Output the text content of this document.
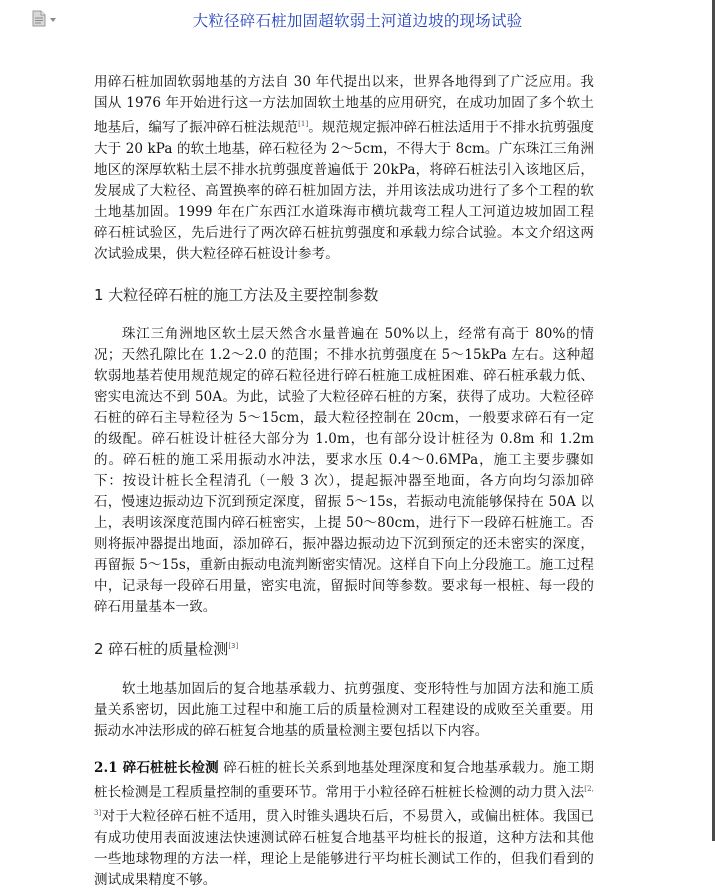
大粒径碎石桩加固超软弱土河道边坡的现场试验

用碎石桩加固软弱地基的方法自 30 年代提出以来，世界各地得到了广泛应用。我国从 1976 年开始进行这一方法加固软土地基的应用研究，在成功加固了多个软土地基后，编写了振冲碎石桩法规范[1]。规范规定振冲碎石桩法适用于不排水抗剪强度大于 20 kPa 的软土地基，碎石粒径为 2～5cm，不得大于 8cm。广东珠江三角洲地区的深厚软粘土层不排水抗剪强度普遍低于 20kPa，将碎石桩法引入该地区后，发展成了大粒径、高置换率的碎石桩加固方法，并用该法成功进行了多个工程的软土地基加固。1999 年在广东西江水道珠海市横坑裁弯工程人工河道边坡加固工程碎石桩试验区，先后进行了两次碎石桩抗剪强度和承载力综合试验。本文介绍这两次试验成果，供大粒径碎石桩设计参考。

1 大粒径碎石桩的施工方法及主要控制参数

珠江三角洲地区软土层天然含水量普遍在 50%以上，经常有高于 80%的情况；天然孔隙比在 1.2～2.0 的范围；不排水抗剪强度在 5～15kPa 左右。这种超软弱地基若使用规范规定的碎石粒径进行碎石桩施工成桩困难、碎石桩承载力低、密实电流达不到 50A。为此，试验了大粒径碎石桩的方案，获得了成功。大粒径碎石桩的碎石主导粒径为 5～15cm，最大粒径控制在 20cm，一般要求碎石有一定的级配。碎石桩设计桩径大部分为 1.0m，也有部分设计桩径为 0.8m 和 1.2m 的。碎石桩的施工采用振动水冲法，要求水压 0.4～0.6MPa，施工主要步骤如下：按设计桩长全程清孔（一般 3 次），提起振冲器至地面，各方向均匀添加碎石，慢速边振动边下沉到预定深度，留振 5～15s，若振动电流能够保持在 50A 以上，表明该深度范围内碎石桩密实，上提 50～80cm，进行下一段碎石桩施工。否则将振冲器提出地面，添加碎石，振冲器边振动边下沉到预定的还未密实的深度，再留振 5～15s，重新由振动电流判断密实情况。这样自下向上分段施工。施工过程中，记录每一段碎石用量，密实电流，留振时间等参数。要求每一根桩、每一段的碎石用量基本一致。

2 碎石桩的质量检测[3]

软土地基加固后的复合地基承载力、抗剪强度、变形特性与加固方法和施工质量关系密切，因此施工过程中和施工后的质量检测对工程建设的成败至关重要。用振动水冲法形成的碎石桩复合地基的质量检测主要包括以下内容。

2.1 碎石桩桩长检测 碎石桩的桩长关系到地基处理深度和复合地基承载力。施工期桩长检测是工程质量控制的重要环节。常用于小粒径碎石桩桩长检测的动力贯入法[2, 3]对于大粒径碎石桩不适用，贯入时锥头遇块石后，不易贯入，或偏出桩体。我国已有成功使用表面波速法快速测试碎石桩复合地基平均桩长的报道，这种方法和其他一些地球物理的方法一样，理论上是能够进行平均桩长测试工作的，但我们看到的测试成果精度不够。
